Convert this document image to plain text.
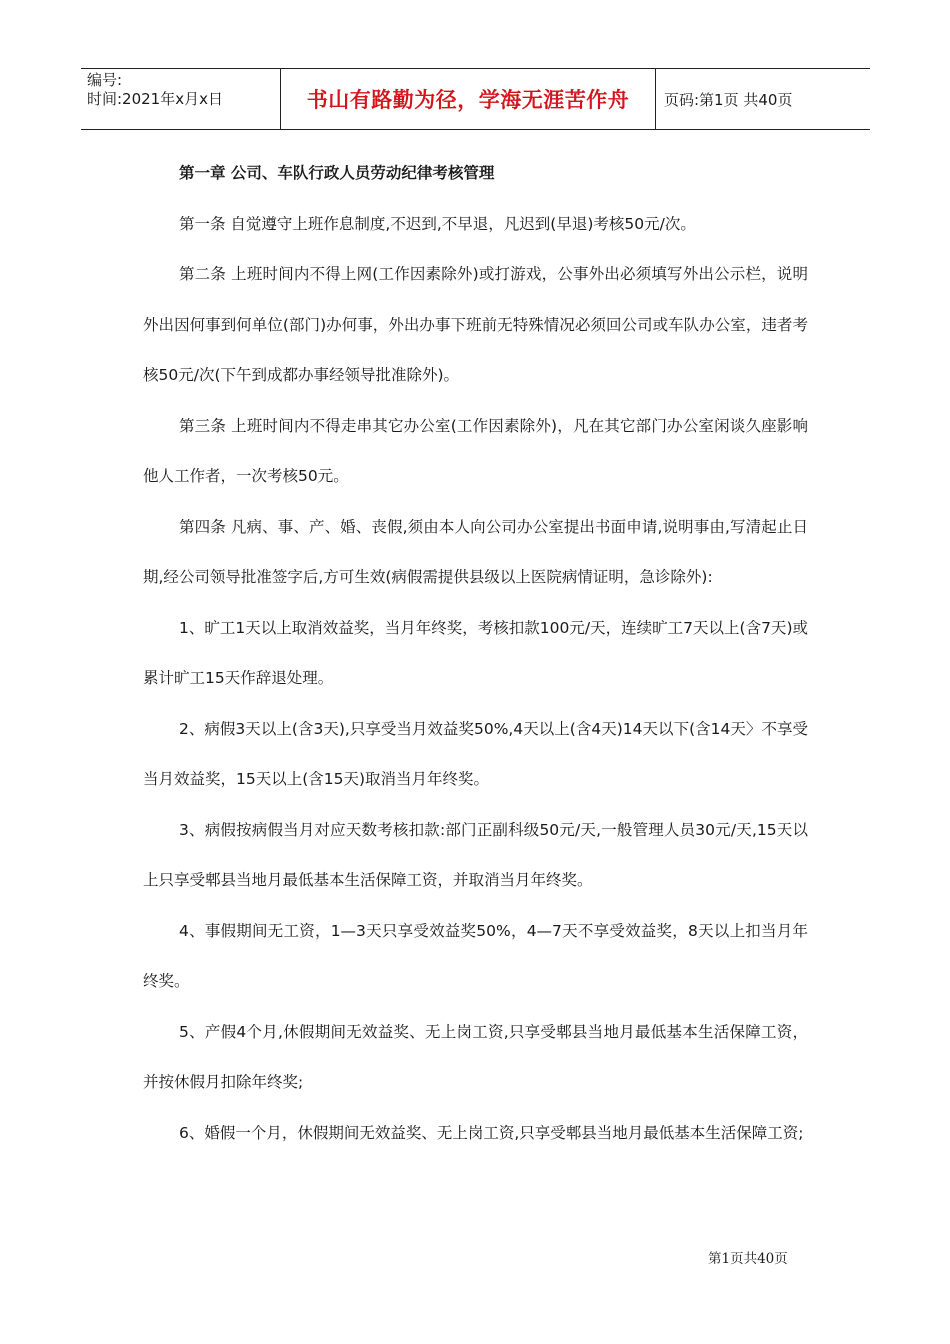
编号:
时间:2021年x月x日	书山有路勤为径，学海无涯苦作舟	页码:第1页 共40页

第一章 公司、车队行政人员劳动纪律考核管理

第一条 自觉遵守上班作息制度,不迟到,不早退，凡迟到(早退)考核50元/次。

第二条 上班时间内不得上网(工作因素除外)或打游戏，公事外出必须填写外出公示栏，说明外出因何事到何单位(部门)办何事，外出办事下班前无特殊情况必须回公司或车队办公室，违者考核50元/次(下午到成都办事经领导批准除外)。

第三条 上班时间内不得走串其它办公室(工作因素除外)，凡在其它部门办公室闲谈久座影响他人工作者，一次考核50元。

第四条 凡病、事、产、婚、丧假,须由本人向公司办公室提出书面申请,说明事由,写清起止日期,经公司领导批准签字后,方可生效(病假需提供县级以上医院病情证明，急诊除外):

1、旷工1天以上取消效益奖，当月年终奖，考核扣款100元/天，连续旷工7天以上(含7天)或累计旷工15天作辞退处理。

2、病假3天以上(含3天),只享受当月效益奖50%,4天以上(含4天)14天以下(含14天〉不享受当月效益奖，15天以上(含15天)取消当月年终奖。

3、病假按病假当月对应天数考核扣款:部门正副科级50元/天,一般管理人员30元/天,15天以上只享受郫县当地月最低基本生活保障工资，并取消当月年终奖。

4、事假期间无工资，1—3天只享受效益奖50%，4—7天不享受效益奖，8天以上扣当月年终奖。

5、产假4个月,休假期间无效益奖、无上岗工资,只享受郫县当地月最低基本生活保障工资，并按休假月扣除年终奖;

6、婚假一个月，休假期间无效益奖、无上岗工资,只享受郫县当地月最低基本生活保障工资;

第1页共40页
